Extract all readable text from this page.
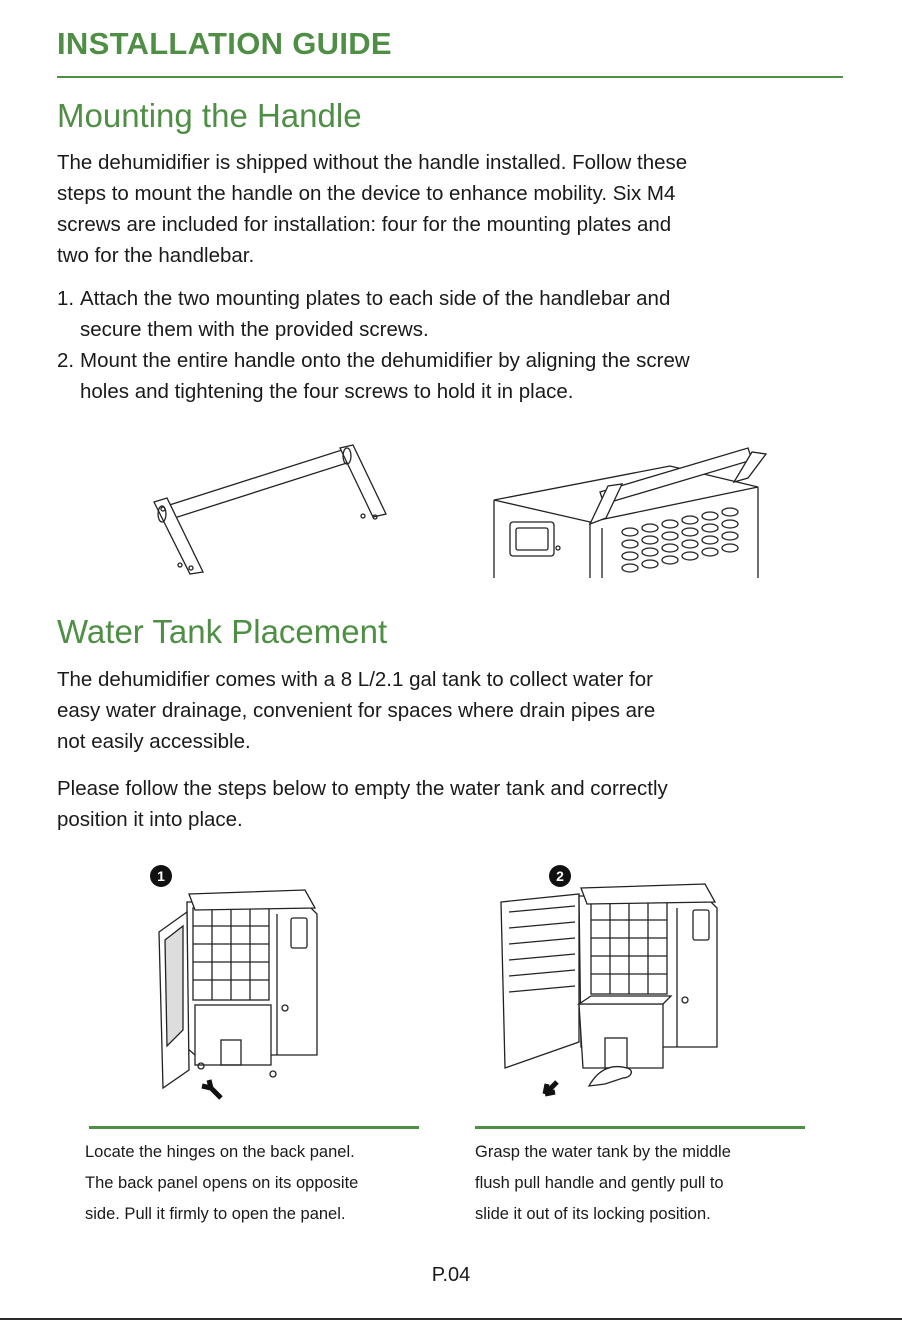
INSTALLATION GUIDE
Mounting the Handle

The dehumidifier is shipped without the handle installed. Follow these
steps to mount the handle on the device to enhance mobility. Six M4
screws are included for installation: four for the mounting plates and
two for the handlebar.

1. Attach the two mounting plates to each side of the handlebar and
secure them with the provided screws.
2. Mount the entire handle onto the dehumidifier by aligning the screw
holes and tightening the four screws to hold it in place.
Water Tank Placement

The dehumidifier comes with a 8 L/2.1 gal tank to collect water for
easy water drainage, convenient for spaces where drain pipes are
not easily accessible.

Please follow the steps below to empty the water tank and correctly
position it into place.

1

Locate the hinges on the back panel.
The back panel opens on its opposite
side. Pull it firmly to open the panel.

2

Grasp the water tank by the middle
flush pull handle and gently pull to
slide it out of its locking position.

P.04
